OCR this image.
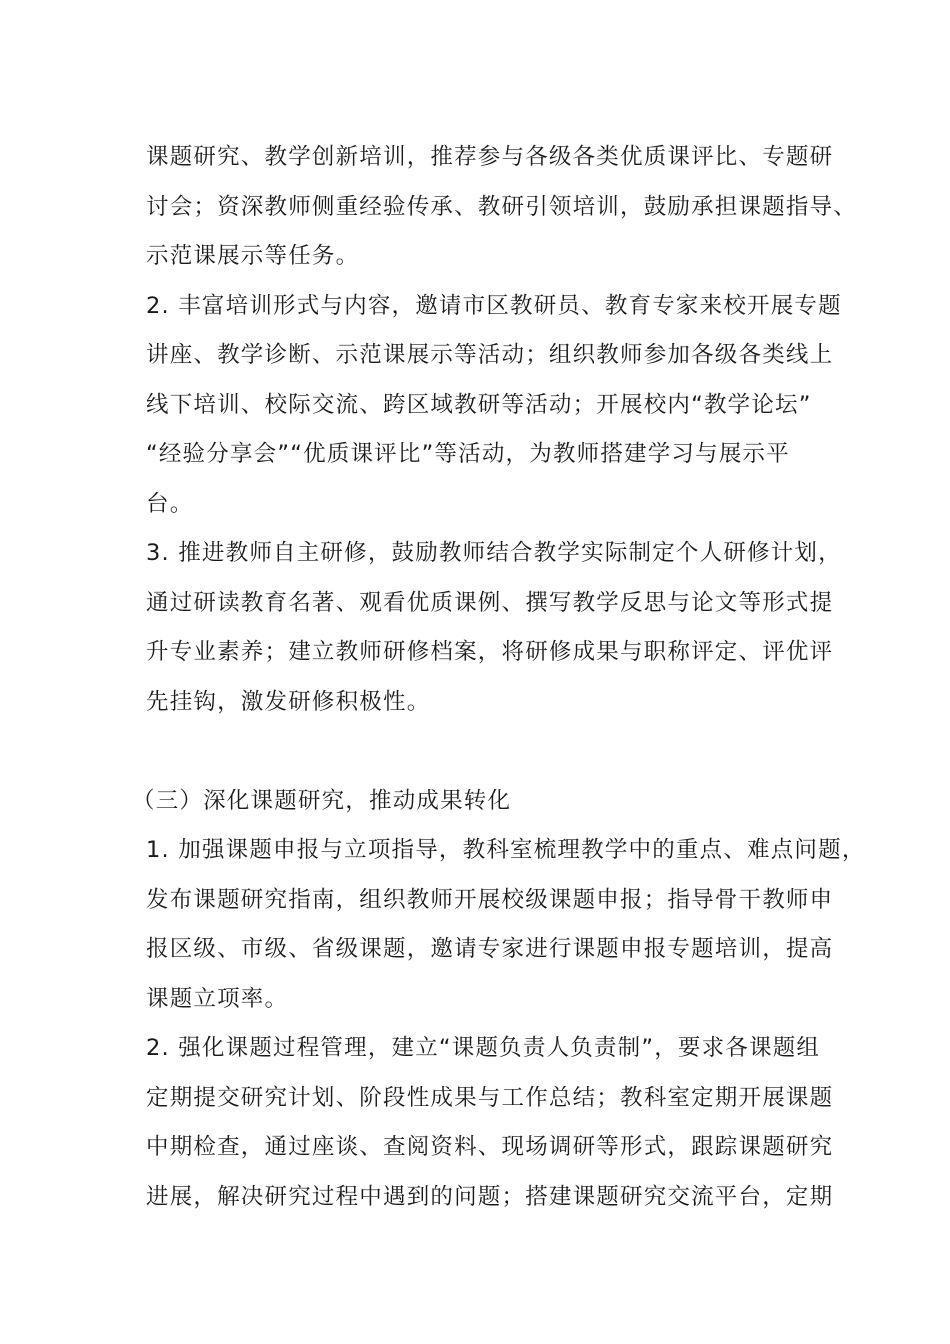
课题研究、教学创新培训，推荐参与各级各类优质课评比、专题研
讨会；资深教师侧重经验传承、教研引领培训，鼓励承担课题指导、
示范课展示等任务。
2. 丰富培训形式与内容，邀请市区教研员、教育专家来校开展专题
讲座、教学诊断、示范课展示等活动；组织教师参加各级各类线上
线下培训、校际交流、跨区域教研等活动；开展校内“教学论坛”
“经验分享会”“优质课评比”等活动，为教师搭建学习与展示平
台。
3. 推进教师自主研修，鼓励教师结合教学实际制定个人研修计划，
通过研读教育名著、观看优质课例、撰写教学反思与论文等形式提
升专业素养；建立教师研修档案，将研修成果与职称评定、评优评
先挂钩，激发研修积极性。
（三）深化课题研究，推动成果转化
1. 加强课题申报与立项指导，教科室梳理教学中的重点、难点问题，
发布课题研究指南，组织教师开展校级课题申报；指导骨干教师申
报区级、市级、省级课题，邀请专家进行课题申报专题培训，提高
课题立项率。
2. 强化课题过程管理，建立“课题负责人负责制”，要求各课题组
定期提交研究计划、阶段性成果与工作总结；教科室定期开展课题
中期检查，通过座谈、查阅资料、现场调研等形式，跟踪课题研究
进展，解决研究过程中遇到的问题；搭建课题研究交流平台，定期
